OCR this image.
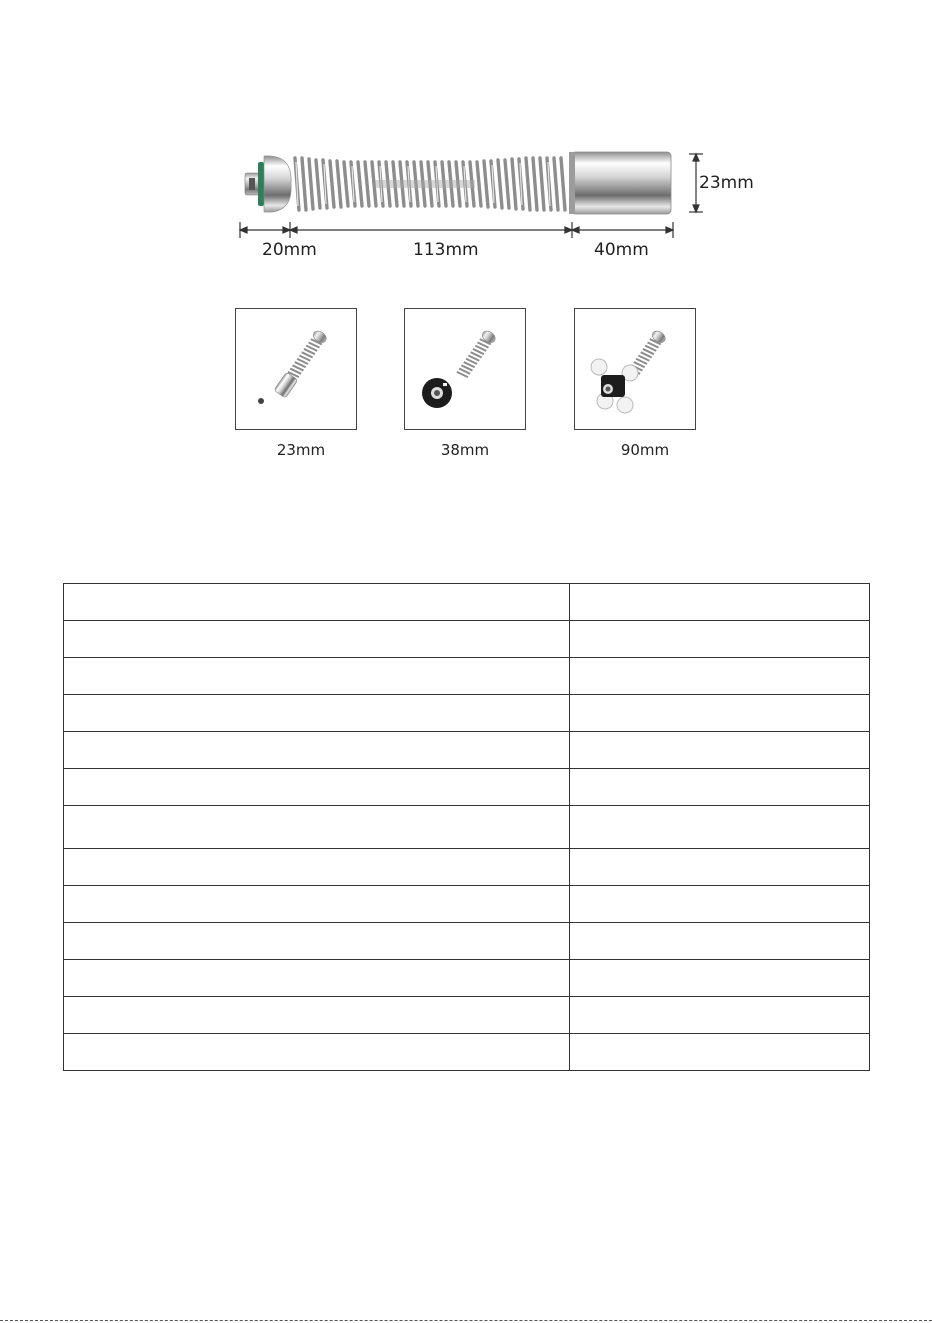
23mm
20mm	113mm	40mm
23mm	38mm	90mm
